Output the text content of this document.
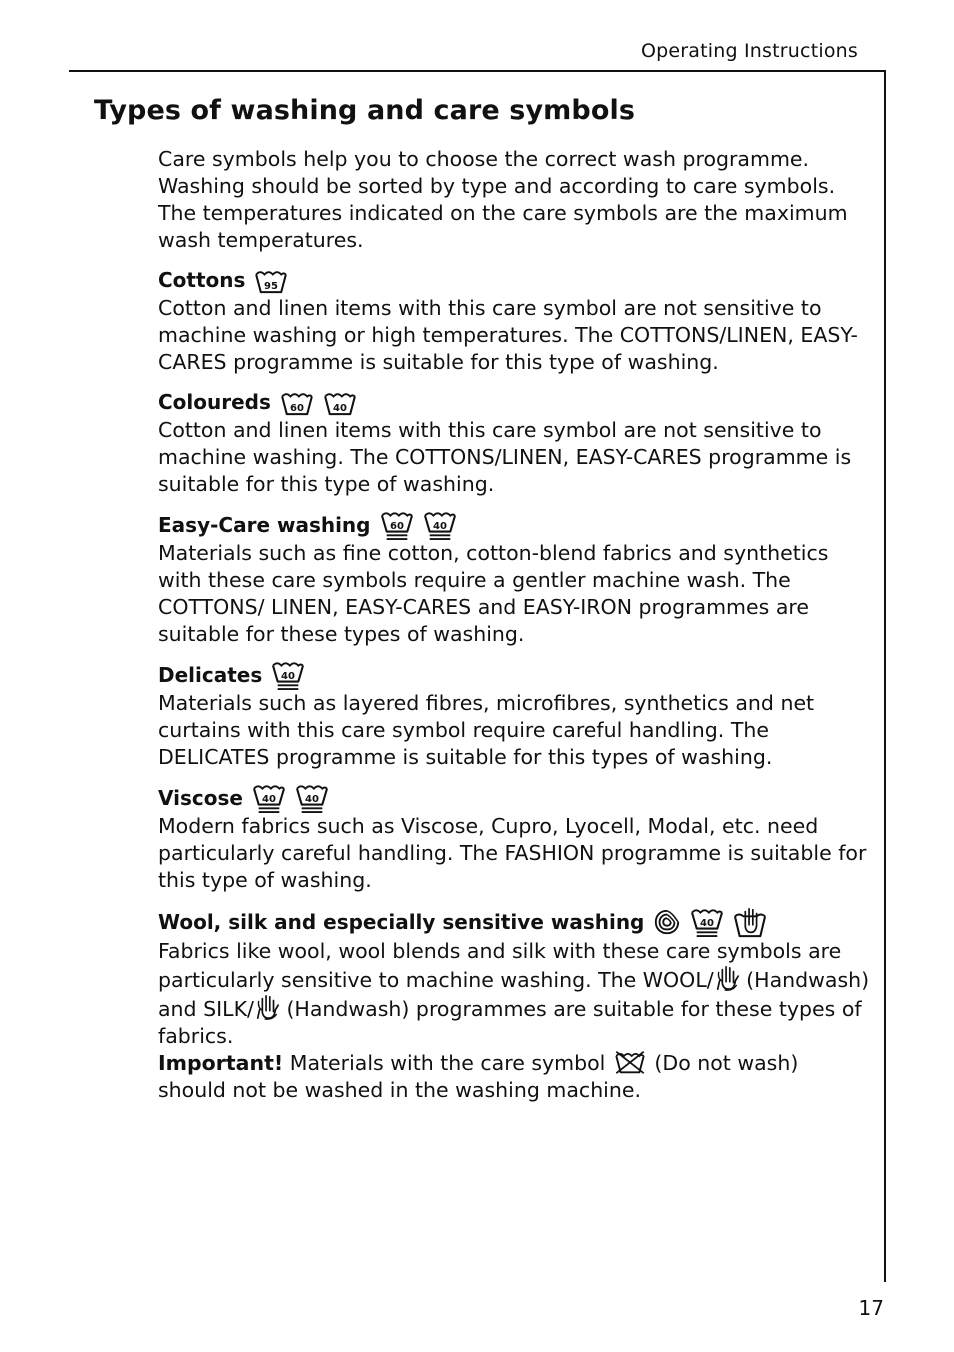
Operating Instructions
Types of washing and care symbols

Care symbols help you to choose the correct wash programme.
Washing should be sorted by type and according to care symbols.
The temperatures indicated on the care symbols are the maximum wash temperatures.

Cottons 95

Cotton and linen items with this care symbol are not sensitive to machine washing or high temperatures. The COTTONS/LINEN, EASY-CARES programme is suitable for this type of washing.

Coloureds 60	40

Cotton and linen items with this care symbol are not sensitive to machine washing. The COTTONS/LINEN, EASY-CARES programme is suitable for this type of washing.

Easy-Care washing 60	40

Materials such as fine cotton, cotton-blend fabrics and synthetics with these care symbols require a gentler machine wash. The COTTONS/ LINEN, EASY-CARES and EASY-IRON programmes are suitable for these types of washing.

Delicates 40

Materials such as layered fibres, microfibres, synthetics and net curtains with this care symbol require careful handling. The DELICATES programme is suitable for this types of washing.

Viscose 40	40

Modern fabrics such as Viscose, Cupro, Lyocell, Modal, etc. need particularly careful handling. The FASHION programme is suitable for this type of washing.

Wool, silk and especially sensitive washing	40

Fabrics like wool, wool blends and silk with these care symbols are particularly sensitive to machine washing. The WOOL/ (Handwash) and SILK/ (Handwash) programmes are suitable for these types of fabrics.
Important! Materials with the care symbol  (Do not wash) should not be washed in the washing machine.

17
